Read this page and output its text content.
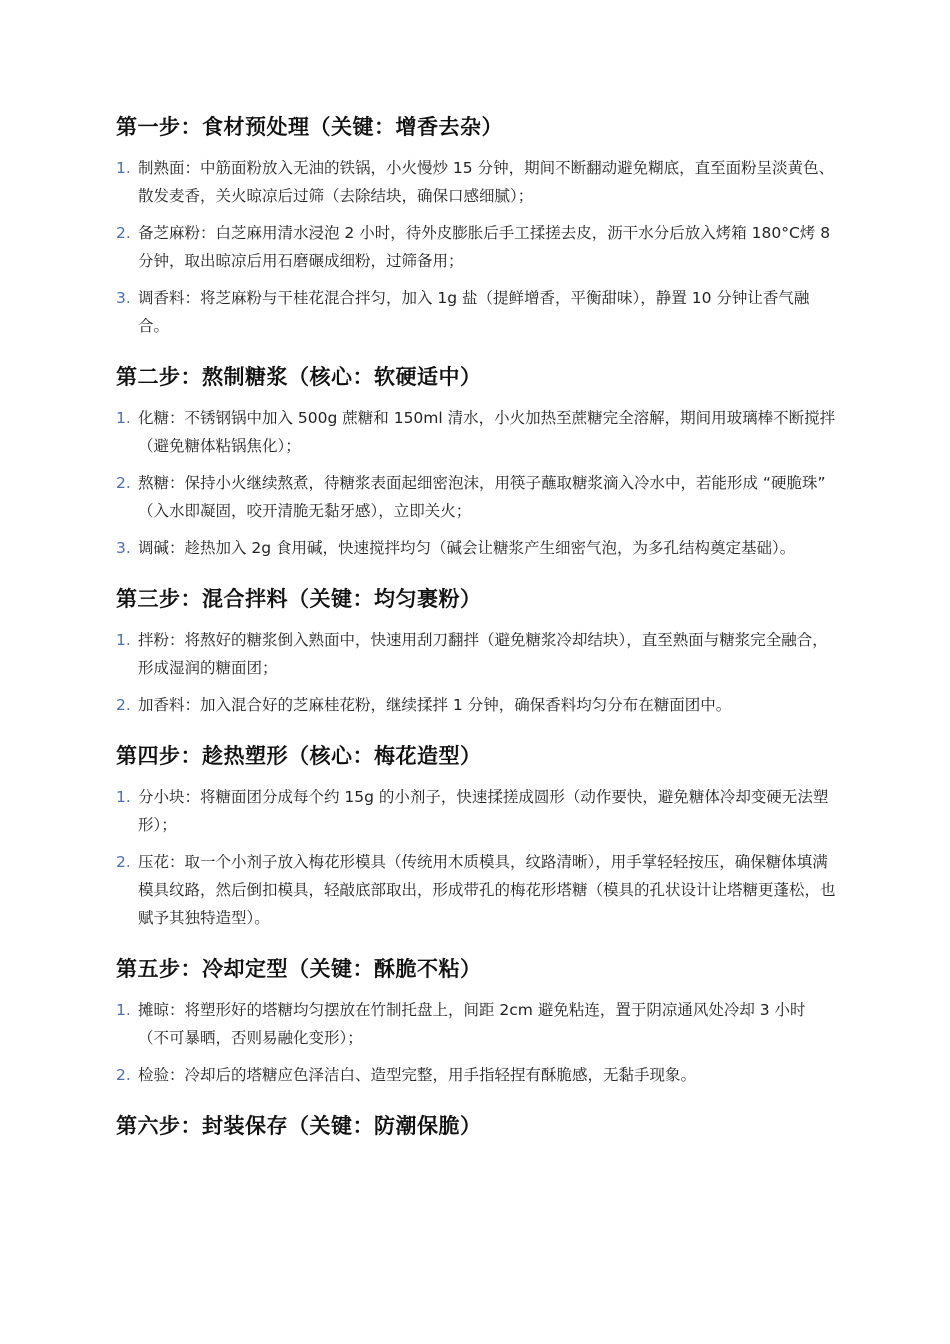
第一步：食材预处理（关键：增香去杂）
1. 制熟面：中筋面粉放入无油的铁锅，小火慢炒 15 分钟，期间不断翻动避免糊底，直至面粉呈淡黄色、散发麦香，关火晾凉后过筛（去除结块，确保口感细腻）；
2. 备芝麻粉：白芝麻用清水浸泡 2 小时，待外皮膨胀后手工揉搓去皮，沥干水分后放入烤箱 180°C烤 8 分钟，取出晾凉后用石磨碾成细粉，过筛备用；
3. 调香料：将芝麻粉与干桂花混合拌匀，加入 1g 盐（提鲜增香，平衡甜味），静置 10 分钟让香气融合。
第二步：熬制糖浆（核心：软硬适中）
1. 化糖：不锈钢锅中加入 500g 蔗糖和 150ml 清水，小火加热至蔗糖完全溶解，期间用玻璃棒不断搅拌（避免糖体粘锅焦化）；
2. 熬糖：保持小火继续熬煮，待糖浆表面起细密泡沫，用筷子蘸取糖浆滴入冷水中，若能形成 “硬脆珠” （入水即凝固，咬开清脆无黏牙感），立即关火；
3. 调碱：趁热加入 2g 食用碱，快速搅拌均匀（碱会让糖浆产生细密气泡，为多孔结构奠定基础）。
第三步：混合拌料（关键：均匀裹粉）
1. 拌粉：将熬好的糖浆倒入熟面中，快速用刮刀翻拌（避免糖浆冷却结块），直至熟面与糖浆完全融合，形成湿润的糖面团；
2. 加香料：加入混合好的芝麻桂花粉，继续揉拌 1 分钟，确保香料均匀分布在糖面团中。
第四步：趁热塑形（核心：梅花造型）
1. 分小块：将糖面团分成每个约 15g 的小剂子，快速揉搓成圆形（动作要快，避免糖体冷却变硬无法塑形）；
2. 压花：取一个小剂子放入梅花形模具（传统用木质模具，纹路清晰），用手掌轻轻按压，确保糖体填满模具纹路，然后倒扣模具，轻敲底部取出，形成带孔的梅花形塔糖（模具的孔状设计让塔糖更蓬松，也赋予其独特造型）。
第五步：冷却定型（关键：酥脆不粘）
1. 摊晾：将塑形好的塔糖均匀摆放在竹制托盘上，间距 2cm 避免粘连，置于阴凉通风处冷却 3 小时（不可暴晒，否则易融化变形）；
2. 检验：冷却后的塔糖应色泽洁白、造型完整，用手指轻捏有酥脆感，无黏手现象。
第六步：封装保存（关键：防潮保脆）
